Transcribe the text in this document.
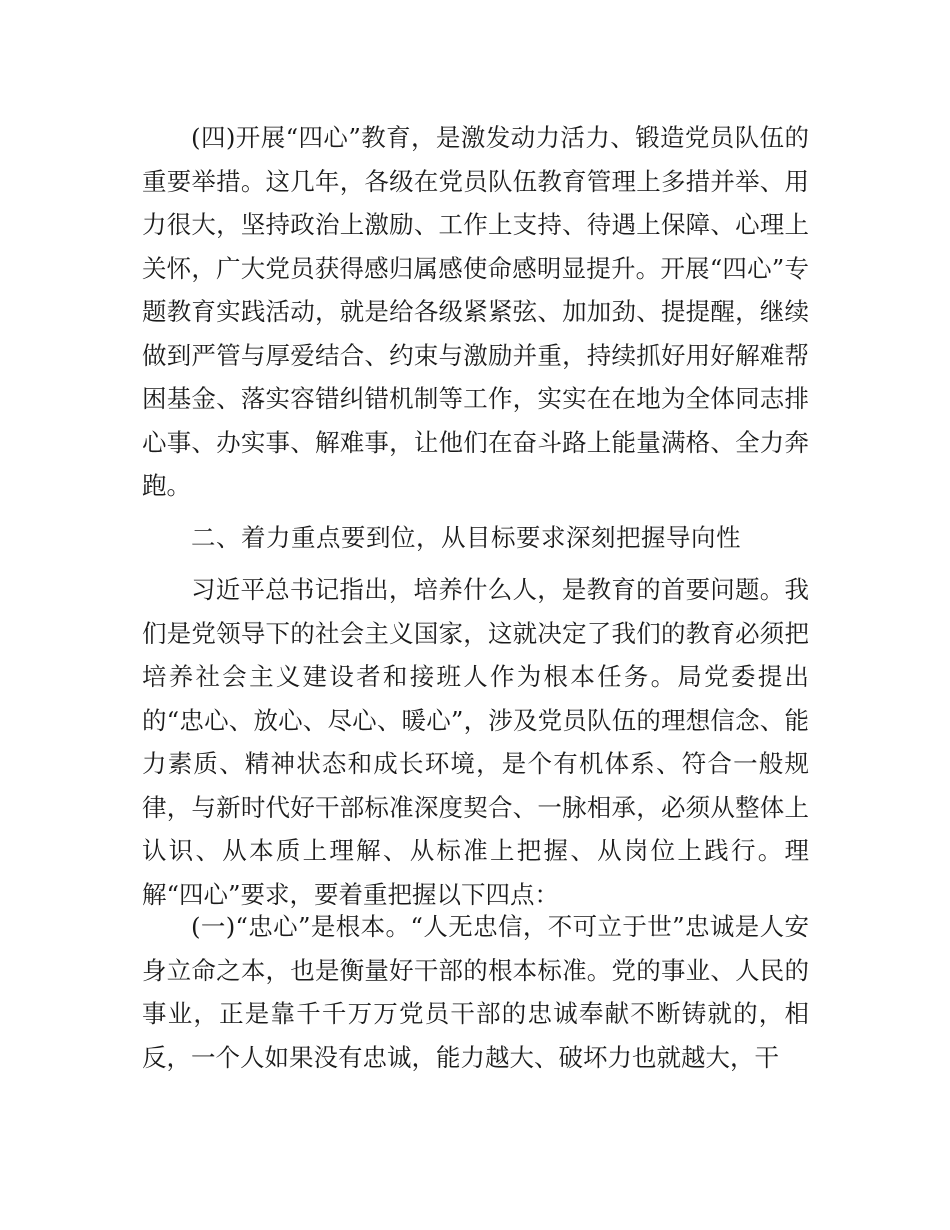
(四)开展“四心”教育，是激发动力活力、锻造党员队伍的重要举措。这几年，各级在党员队伍教育管理上多措并举、用力很大，坚持政治上激励、工作上支持、待遇上保障、心理上关怀，广大党员获得感归属感使命感明显提升。开展“四心”专题教育实践活动，就是给各级紧紧弦、加加劲、提提醒，继续做到严管与厚爱结合、约束与激励并重，持续抓好用好解难帮困基金、落实容错纠错机制等工作，实实在在地为全体同志排心事、办实事、解难事，让他们在奋斗路上能量满格、全力奔跑。

二、着力重点要到位，从目标要求深刻把握导向性

习近平总书记指出，培养什么人，是教育的首要问题。我们是党领导下的社会主义国家，这就决定了我们的教育必须把培养社会主义建设者和接班人作为根本任务。局党委提出的“忠心、放心、尽心、暖心”，涉及党员队伍的理想信念、能力素质、精神状态和成长环境，是个有机体系、符合一般规律，与新时代好干部标准深度契合、一脉相承，必须从整体上认识、从本质上理解、从标准上把握、从岗位上践行。理解“四心”要求，要着重把握以下四点：

(一)“忠心”是根本。“人无忠信，不可立于世”忠诚是人安身立命之本，也是衡量好干部的根本标准。党的事业、人民的事业，正是靠千千万万党员干部的忠诚奉献不断铸就的，相反，一个人如果没有忠诚，能力越大、破坏力也就越大，干
